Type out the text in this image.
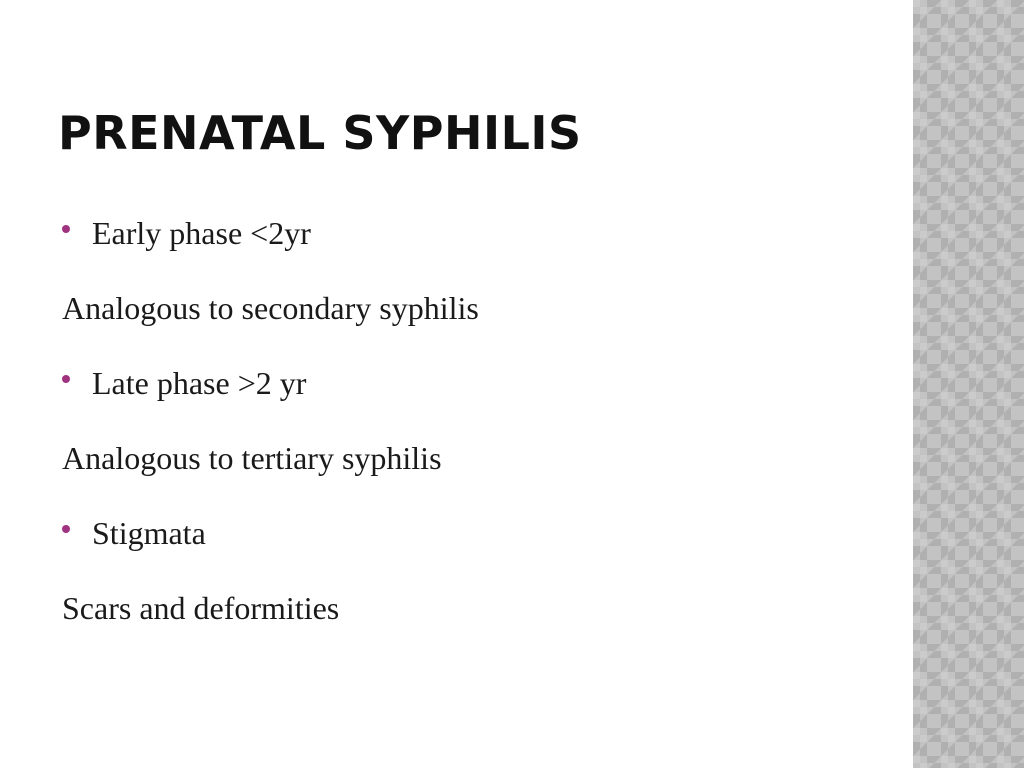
PRENATAL SYPHILIS
Early phase <2yr
Analogous to secondary syphilis
Late phase >2 yr
Analogous to tertiary syphilis
Stigmata
Scars and deformities
